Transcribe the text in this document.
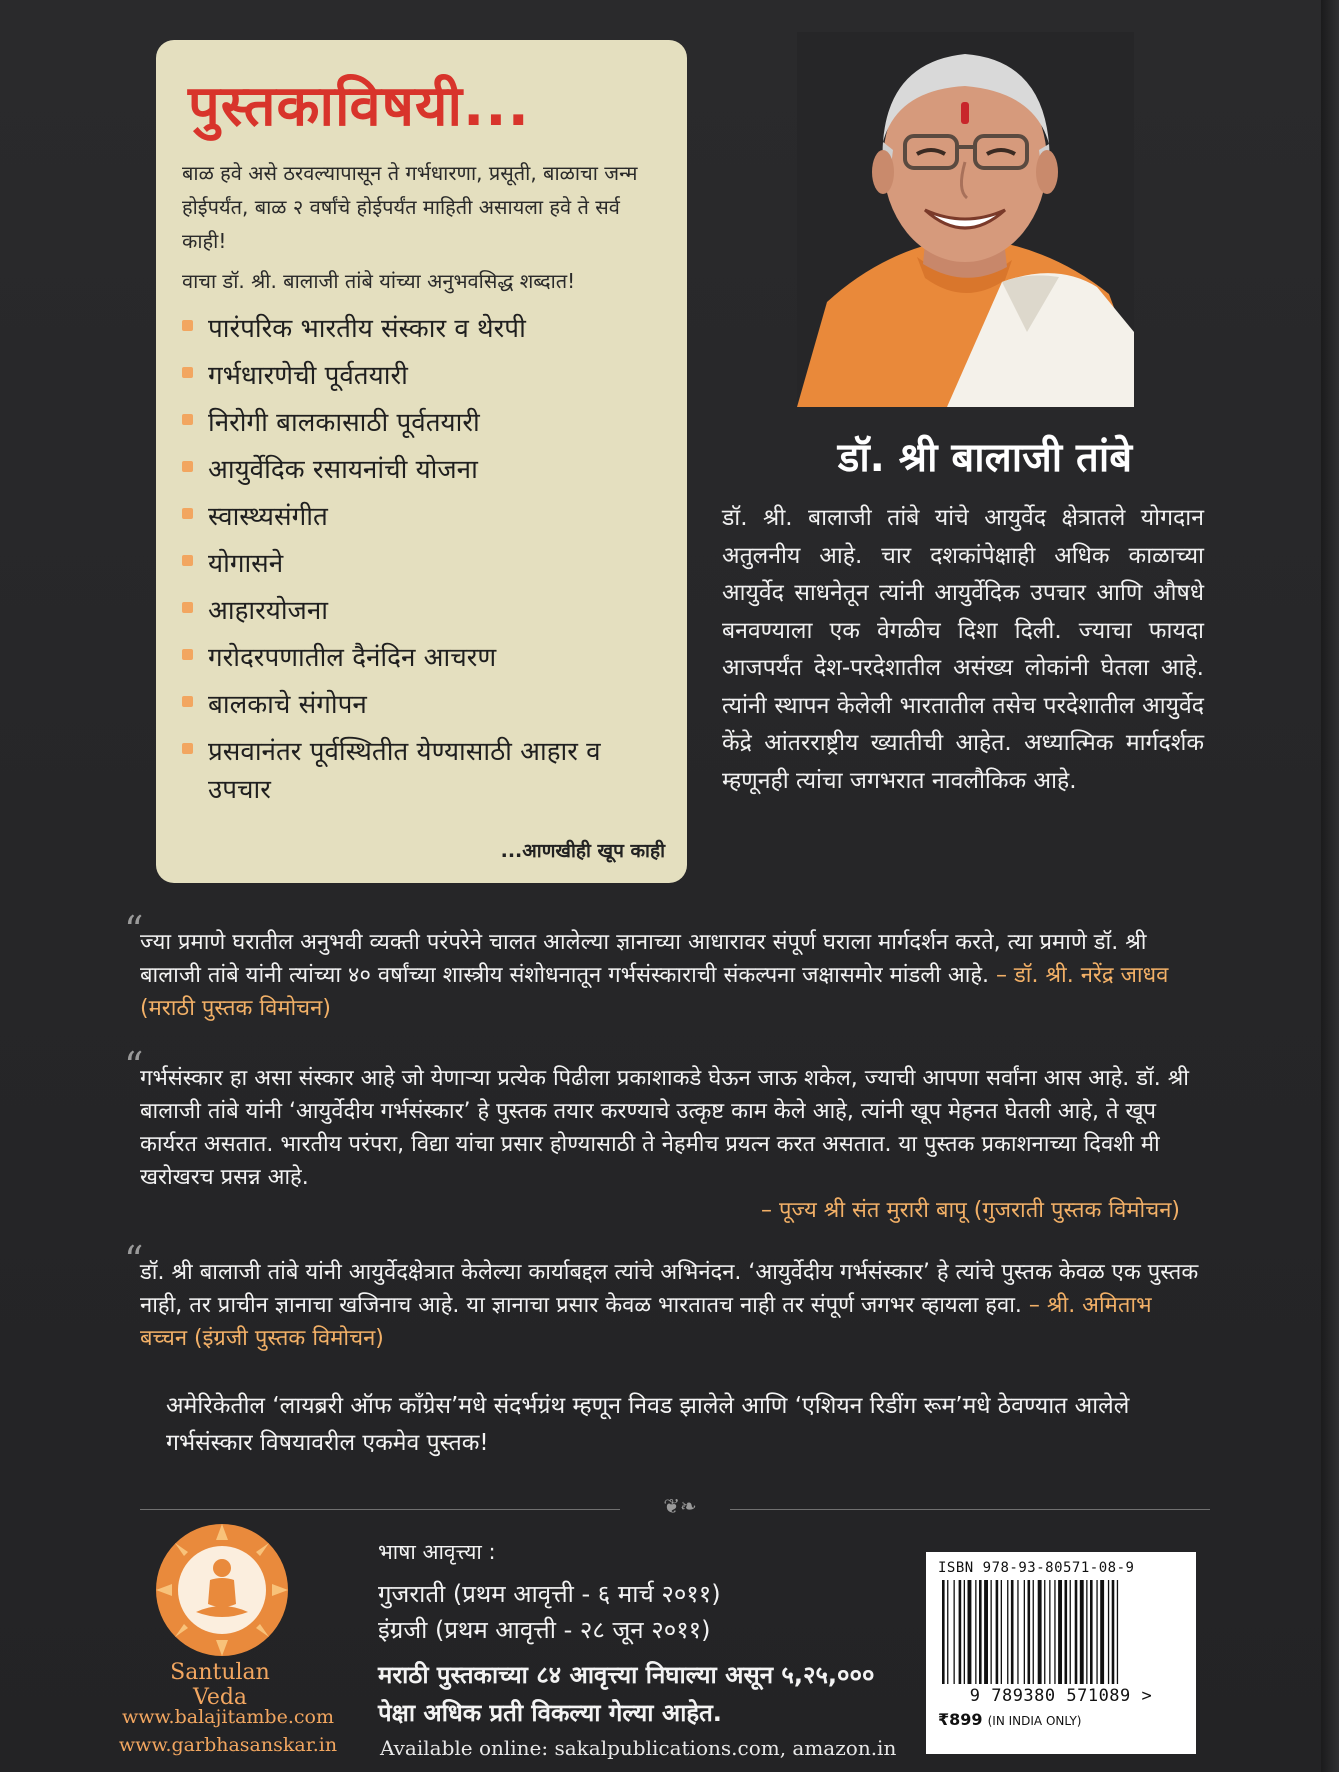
पुस्तकाविषयी...

बाळ हवे असे ठरवल्यापासून ते गर्भधारणा, प्रसूती, बाळाचा जन्म होईपर्यंत, बाळ २ वर्षांचे होईपर्यंत माहिती असायला हवे ते सर्व काही!

वाचा डॉ. श्री. बालाजी तांबे यांच्या अनुभवसिद्ध शब्दात!

पारंपरिक भारतीय संस्कार व थेरपी
गर्भधारणेची पूर्वतयारी
निरोगी बालकासाठी पूर्वतयारी
आयुर्वेदिक रसायनांची योजना
स्वास्थ्यसंगीत
योगासने
आहारयोजना
गरोदरपणातील दैनंदिन आचरण
बालकाचे संगोपन
प्रसवानंतर पूर्वस्थितीत येण्यासाठी आहार व उपचार
...आणखीही खूप काही
डॉ. श्री बालाजी तांबे
डॉ. श्री. बालाजी तांबे यांचे आयुर्वेद क्षेत्रातले योगदान अतुलनीय आहे. चार दशकांपेक्षाही अधिक काळाच्या आयुर्वेद साधनेतून त्यांनी आयुर्वेदिक उपचार आणि औषधे बनवण्याला एक वेगळीच दिशा दिली. ज्याचा फायदा आजपर्यंत देश-परदेशातील असंख्य लोकांनी घेतला आहे. त्यांनी स्थापन केलेली भारतातील तसेच परदेशातील आयुर्वेद केंद्रे आंतरराष्ट्रीय ख्यातीची आहेत. अध्यात्मिक मार्गदर्शक म्हणूनही त्यांचा जगभरात नावलौकिक आहे.
“
ज्या प्रमाणे घरातील अनुभवी व्यक्ती परंपरेने चालत आलेल्या ज्ञानाच्या आधारावर संपूर्ण घराला मार्गदर्शन करते, त्या प्रमाणे डॉ. श्री बालाजी तांबे यांनी त्यांच्या ४० वर्षांच्या शास्त्रीय संशोधनातून गर्भसंस्काराची संकल्पना जक्षासमोर मांडली आहे. – डॉ. श्री. नरेंद्र जाधव (मराठी पुस्तक विमोचन)
“
गर्भसंस्कार हा असा संस्कार आहे जो येणाऱ्या प्रत्येक पिढीला प्रकाशाकडे घेऊन जाऊ शकेल, ज्याची आपणा सर्वांना आस आहे. डॉ. श्री बालाजी तांबे यांनी ‘आयुर्वेदीय गर्भसंस्कार’ हे पुस्तक तयार करण्याचे उत्कृष्ट काम केले आहे, त्यांनी खूप मेहनत घेतली आहे, ते खूप कार्यरत असतात. भारतीय परंपरा, विद्या यांचा प्रसार होण्यासाठी ते नेहमीच प्रयत्न करत असतात. या पुस्तक प्रकाशनाच्या दिवशी मी खरोखरच प्रसन्न आहे.
– पूज्य श्री संत मुरारी बापू (गुजराती पुस्तक विमोचन)
“
डॉ. श्री बालाजी तांबे यांनी आयुर्वेदक्षेत्रात केलेल्या कार्याबद्दल त्यांचे अभिनंदन. ‘आयुर्वेदीय गर्भसंस्कार’ हे त्यांचे पुस्तक केवळ एक पुस्तक नाही, तर प्राचीन ज्ञानाचा खजिनाच आहे. या ज्ञानाचा प्रसार केवळ भारतातच नाही तर संपूर्ण जगभर व्हायला हवा. – श्री. अमिताभ बच्चन (इंग्रजी पुस्तक विमोचन)
अमेरिकेतील ‘लायब्ररी ऑफ काँग्रेस’मधे संदर्भग्रंथ म्हणून निवड झालेले आणि ‘एशियन रिडींग रूम’मधे ठेवण्यात आलेले गर्भसंस्कार विषयावरील एकमेव पुस्तक!
❦❧
Santulan Veda
www.balajitambe.com
www.garbhasanskar.in
भाषा आवृत्त्या :
गुजराती (प्रथम आवृत्ती - ६ मार्च २०११)
इंग्रजी (प्रथम आवृत्ती - २८ जून २०११)
मराठी पुस्तकाच्या ८४ आवृत्त्या निघाल्या असून ५,२५,००० पेक्षा अधिक प्रती विकल्या गेल्या आहेत.
Available online: sakalpublications.com, amazon.in
ISBN 978-93-80571-08-9
9 789380 571089 >
₹899 (IN INDIA ONLY)
